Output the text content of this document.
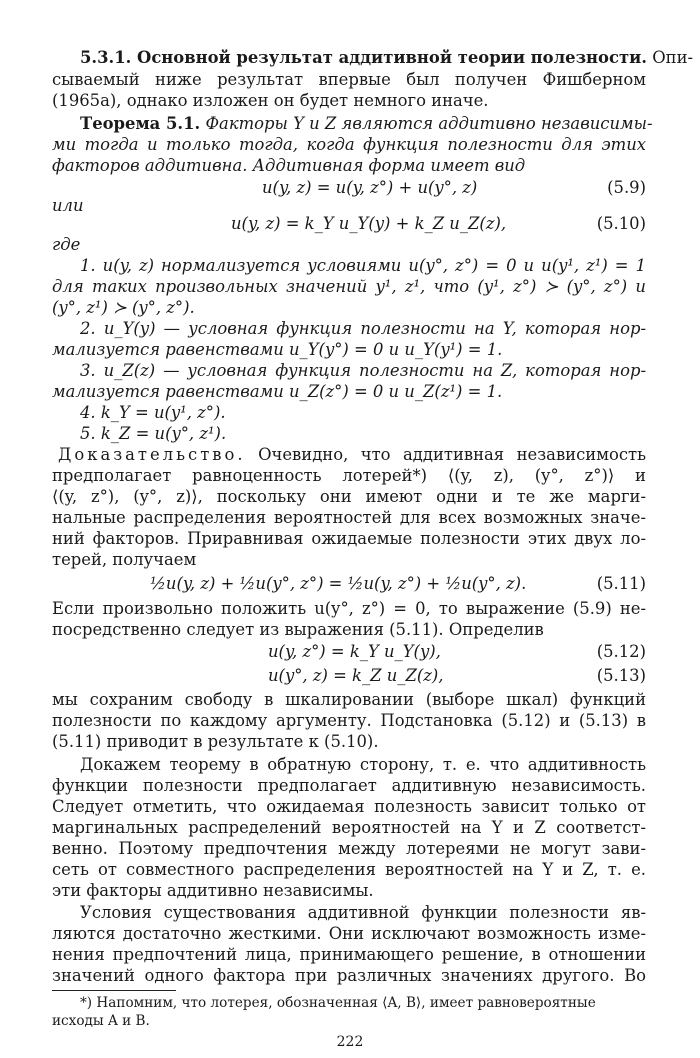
5.3.1. Основной результат аддитивной теории полезности. Опи-

сываемый ниже результат впервые был получен Фишберном

(1965а), однако изложен он будет немного иначе.

Теорема 5.1. Факторы Y и Z являются аддитивно независимы-

ми тогда и только тогда, когда функция полезности для этих

факторов аддитивна. Аддитивная форма имеет вид

u(y, z) = u(y, z°) + u(y°, z)	(5.9)

или

u(y, z) = k_Y u_Y(y) + k_Z u_Z(z),	(5.10)

где

1. u(y, z) нормализуется условиями u(y°, z°) = 0 и u(y¹, z¹) = 1

для таких произвольных значений y¹, z¹, что (y¹, z°) ≻ (y°, z°) и

(y°, z¹) ≻ (y°, z°).

2. u_Y(y) — условная функция полезности на Y, которая нор-

мализуется равенствами u_Y(y°) = 0 и u_Y(y¹) = 1.

3. u_Z(z) — условная функция полезности на Z, которая нор-

мализуется равенствами u_Z(z°) = 0 и u_Z(z¹) = 1.

4. k_Y = u(y¹, z°).

5. k_Z = u(y°, z¹).

Доказательство. Очевидно, что аддитивная независимость

предполагает равноценность лотерей*) ⟨(y, z), (y°, z°)⟩ и

⟨(y, z°), (y°, z)⟩, поскольку они имеют одни и те же марги-

нальные распределения вероятностей для всех возможных значе-

ний факторов. Приравнивая ожидаемые полезности этих двух ло-

терей, получаем

½u(y, z) + ½u(y°, z°) = ½u(y, z°) + ½u(y°, z).	(5.11)

Если произвольно положить u(y°, z°) = 0, то выражение (5.9) не-

посредственно следует из выражения (5.11). Определив

u(y, z°) = k_Y u_Y(y),	(5.12)
u(y°, z) = k_Z u_Z(z),	(5.13)

мы сохраним свободу в шкалировании (выборе шкал) функций

полезности по каждому аргументу. Подстановка (5.12) и (5.13) в

(5.11) приводит в результате к (5.10).

Докажем теорему в обратную сторону, т. е. что аддитивность

функции полезности предполагает аддитивную независимость.

Следует отметить, что ожидаемая полезность зависит только от

маргинальных распределений вероятностей на Y и Z соответст-

венно. Поэтому предпочтения между лотереями не могут зави-

сеть от совместного распределения вероятностей на Y и Z, т. е.

эти факторы аддитивно независимы.

Условия существования аддитивной функции полезности яв-

ляются достаточно жесткими. Они исключают возможность изме-

нения предпочтений лица, принимающего решение, в отношении

значений одного фактора при различных значениях другого. Во

*) Напомним, что лотерея, обозначенная ⟨A, B⟩, имеет равновероятные
исходы A и B.
222
